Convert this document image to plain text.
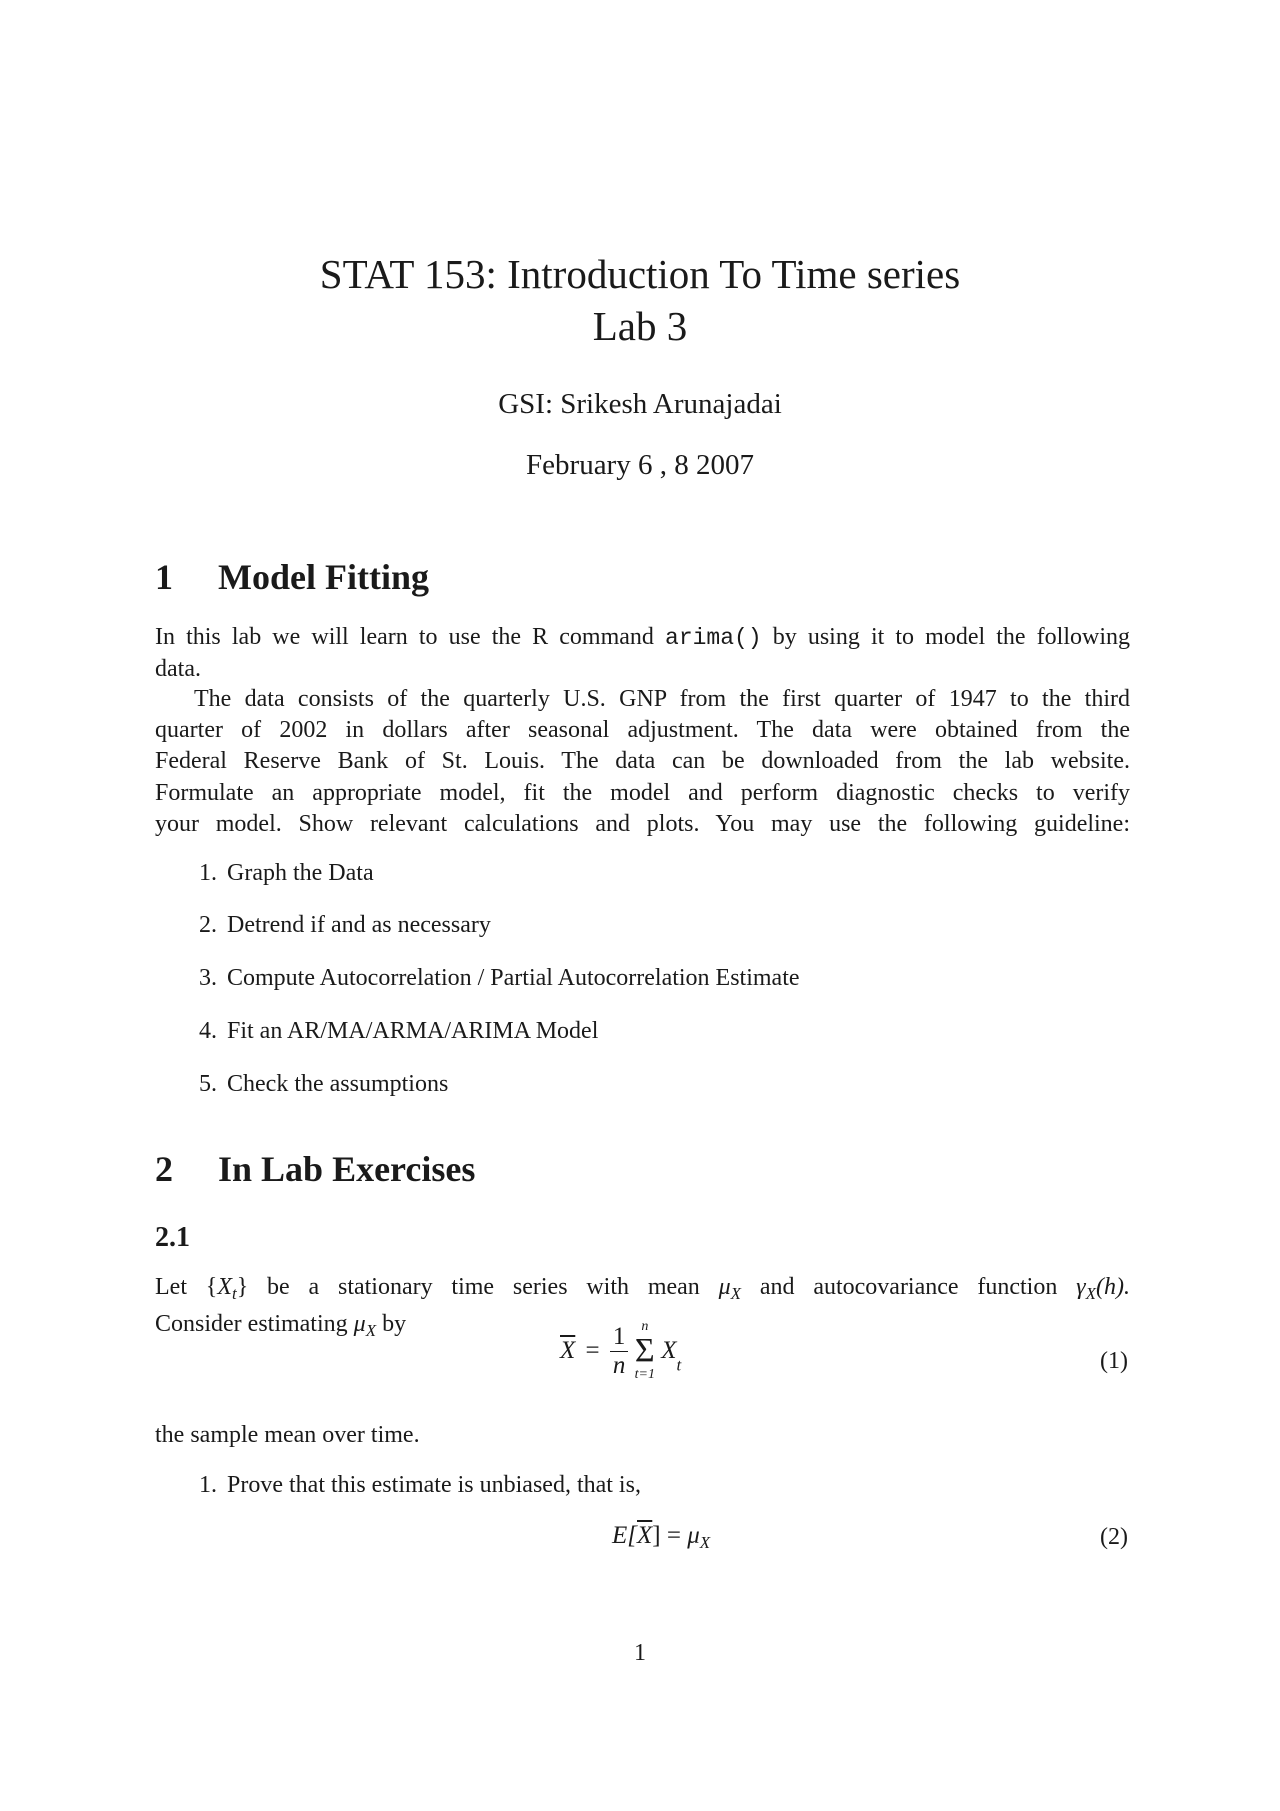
STAT 153: Introduction To Time series
Lab 3
GSI: Srikesh Arunajadai
February 6 , 8 2007
1 Model Fitting
In this lab we will learn to use the R command arima() by using it to model the following
data.
The data consists of the quarterly U.S. GNP from the first quarter of 1947 to the third
quarter of 2002 in dollars after seasonal adjustment. The data were obtained from the
Federal Reserve Bank of St. Louis. The data can be downloaded from the lab website.
Formulate an appropriate model, fit the model and perform diagnostic checks to verify
your model. Show relevant calculations and plots. You may use the following guideline:
1. Graph the Data
2. Detrend if and as necessary
3. Compute Autocorrelation / Partial Autocorrelation Estimate
4. Fit an AR/MA/ARMA/ARIMA Model
5. Check the assumptions
2 In Lab Exercises
2.1
Let $\{X_t\}$ be a stationary time series with mean $\mu_X$ and autocovariance function $\gamma_X(h)$.
Consider estimating $\mu_X$ by
$\overline{X} = \frac{1}{n}$
n
Σ
t=1
$X_t$	(1)
the sample mean over time.
1. Prove that this estimate is unbiased, that is,
$E[\overline{X}] = \mu_X$	(2)
1
